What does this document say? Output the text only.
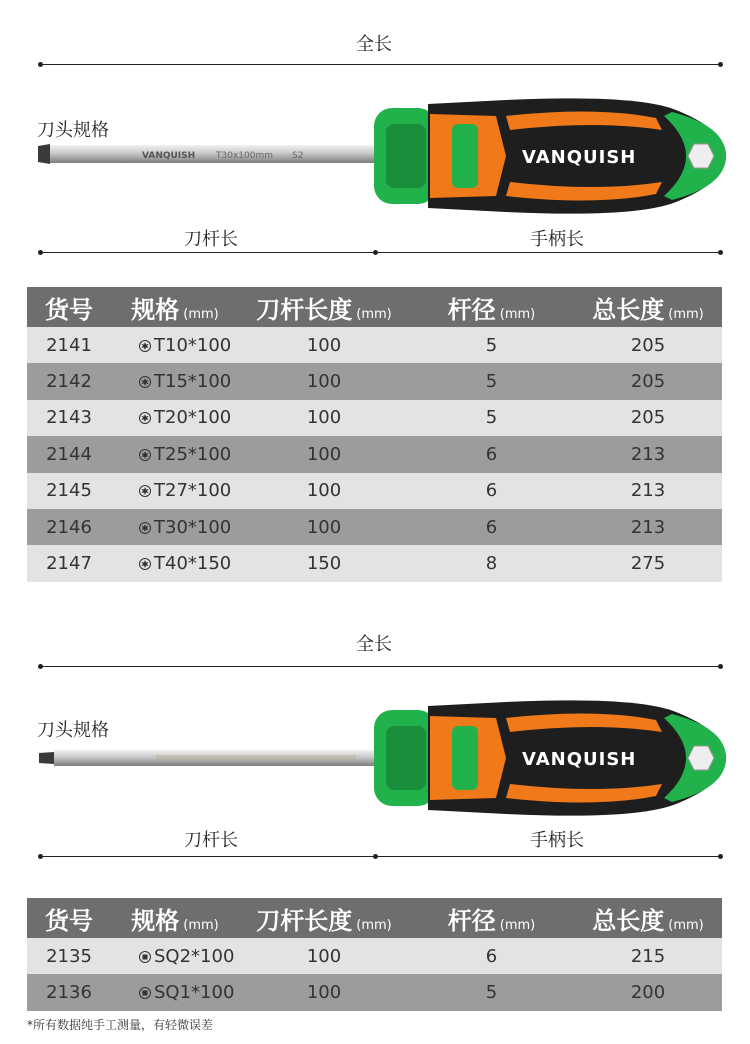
全长
刀头规格
VANQUISH T30x100mm S2	VANQUISH
刀杆长	手柄长
货号 规格 (mm) 刀杆长度 (mm) 杆径 (mm) 总长度 (mm)
2141	T10*100	100	5	205
2142	T15*100	100	5	205
2143	T20*100	100	5	205
2144	T25*100	100	6	213
2145	T27*100	100	6	213
2146	T30*100	100	6	213
2147	T40*150	150	8	275
全长
刀头规格
VANQUISH
刀杆长	手柄长
货号 规格 (mm) 刀杆长度 (mm) 杆径 (mm) 总长度 (mm)
2135	SQ2*100	100	6	215
2136	SQ1*100	100	5	200
*所有数据纯手工测量，有轻微误差
